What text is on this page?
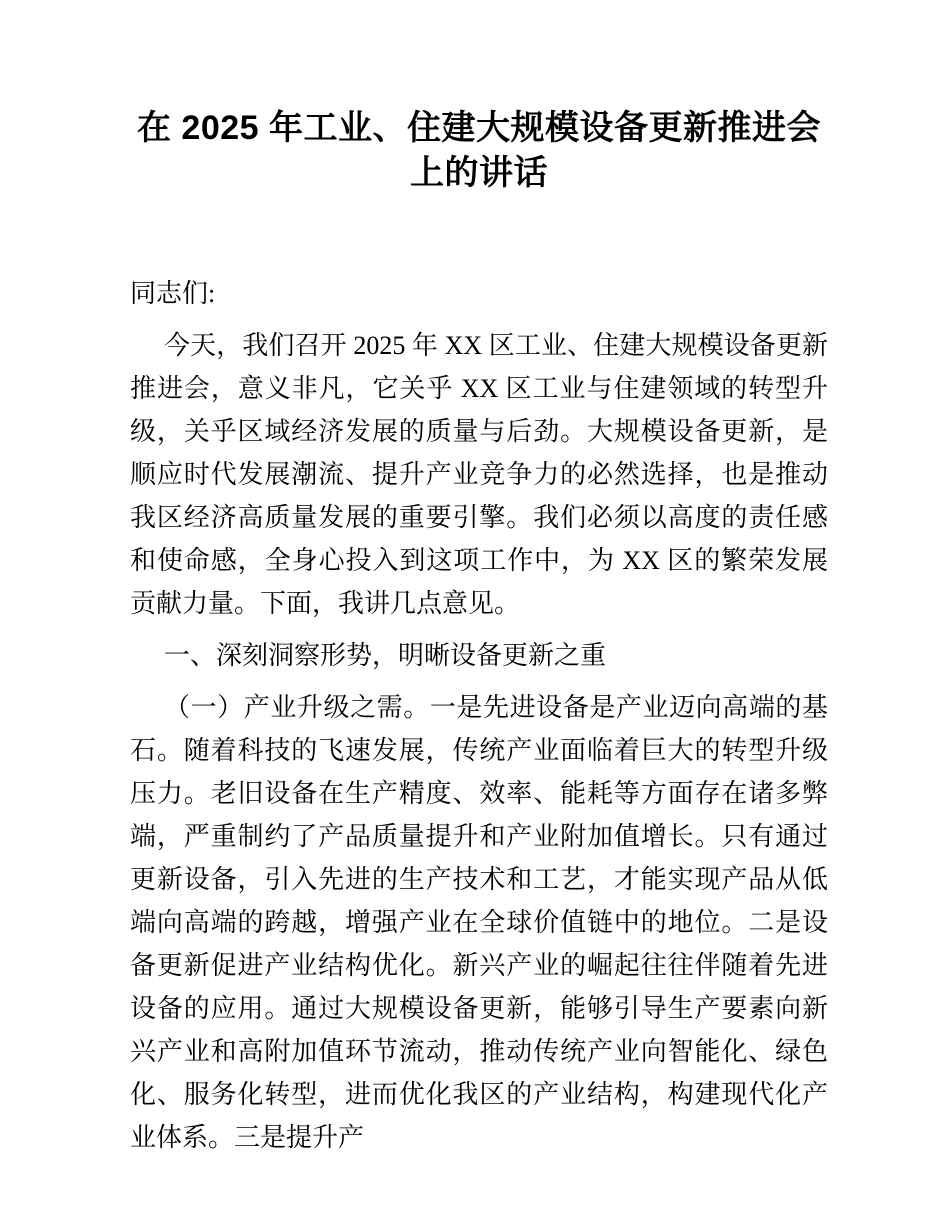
在 2025 年工业、住建大规模设备更新推进会上的讲话

同志们:

今天，我们召开 2025 年 XX 区工业、住建大规模设备更新推进会，意义非凡，它关乎 XX 区工业与住建领域的转型升级，关乎区域经济发展的质量与后劲。大规模设备更新，是顺应时代发展潮流、提升产业竞争力的必然选择，也是推动我区经济高质量发展的重要引擎。我们必须以高度的责任感和使命感，全身心投入到这项工作中，为 XX 区的繁荣发展贡献力量。下面，我讲几点意见。

一、深刻洞察形势，明晰设备更新之重

（一）产业升级之需。一是先进设备是产业迈向高端的基石。随着科技的飞速发展，传统产业面临着巨大的转型升级压力。老旧设备在生产精度、效率、能耗等方面存在诸多弊端，严重制约了产品质量提升和产业附加值增长。只有通过更新设备，引入先进的生产技术和工艺，才能实现产品从低端向高端的跨越，增强产业在全球价值链中的地位。二是设备更新促进产业结构优化。新兴产业的崛起往往伴随着先进设备的应用。通过大规模设备更新，能够引导生产要素向新兴产业和高附加值环节流动，推动传统产业向智能化、绿色化、服务化转型，进而优化我区的产业结构，构建现代化产业体系。三是提升产
